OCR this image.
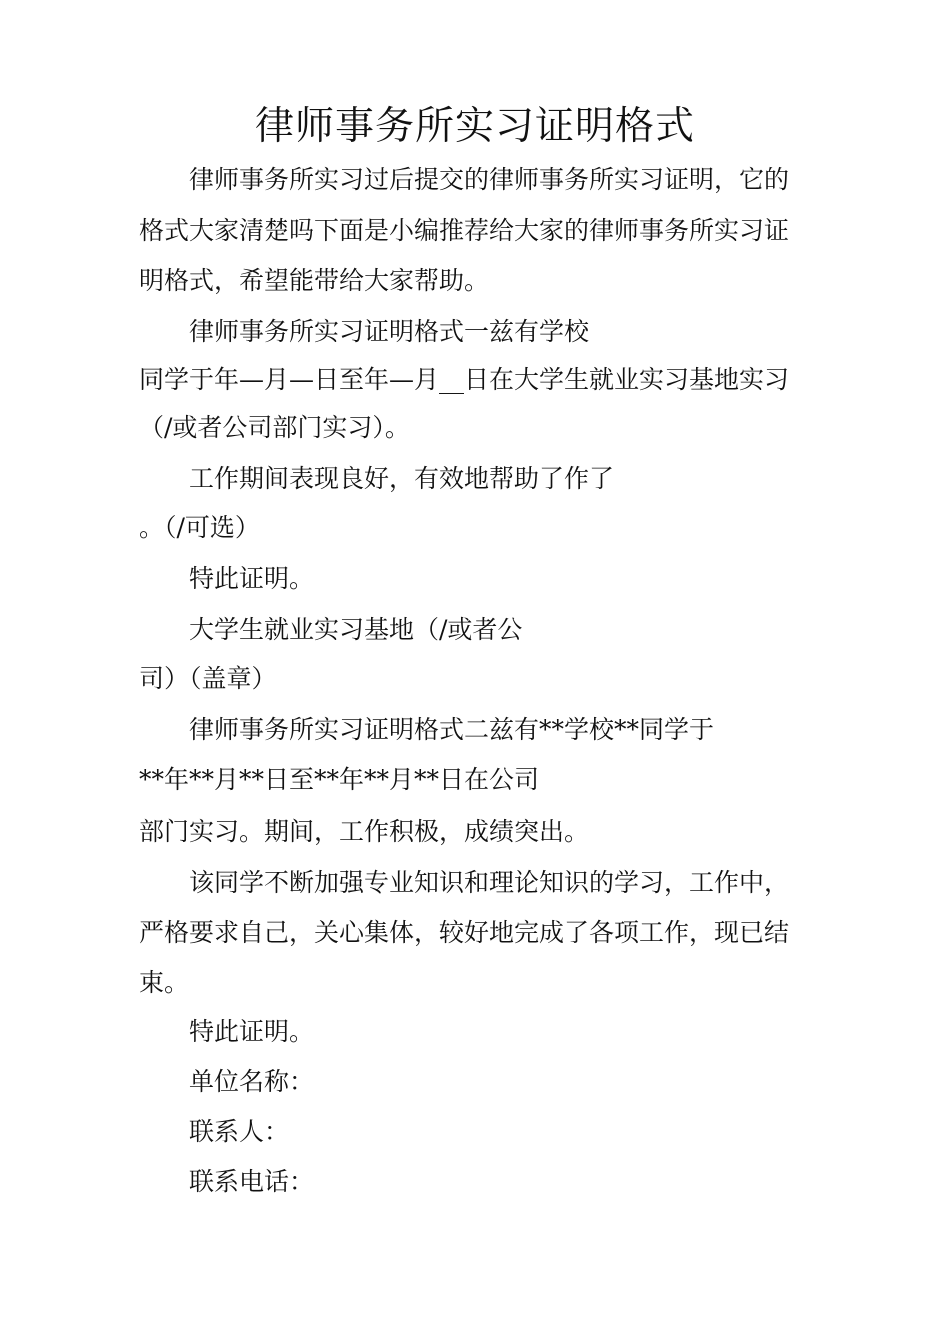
律师事务所实习证明格式
律师事务所实习过后提交的律师事务所实习证明，它的
格式大家清楚吗下面是小编推荐给大家的律师事务所实习证
明格式，希望能带给大家帮助。
律师事务所实习证明格式一兹有学校
同学于年—月—日至年—月__日在大学生就业实习基地实习
（/或者公司部门实习）。
工作期间表现良好，有效地帮助了作了
。（/可选）
特此证明。
大学生就业实习基地（/或者公
司）（盖章）
律师事务所实习证明格式二兹有**学校**同学于
**年**月**日至**年**月**日在公司
部门实习。期间，工作积极，成绩突出。
该同学不断加强专业知识和理论知识的学习，工作中，
严格要求自己，关心集体，较好地完成了各项工作，现已结
束。
特此证明。
单位名称：
联系人：
联系电话：
